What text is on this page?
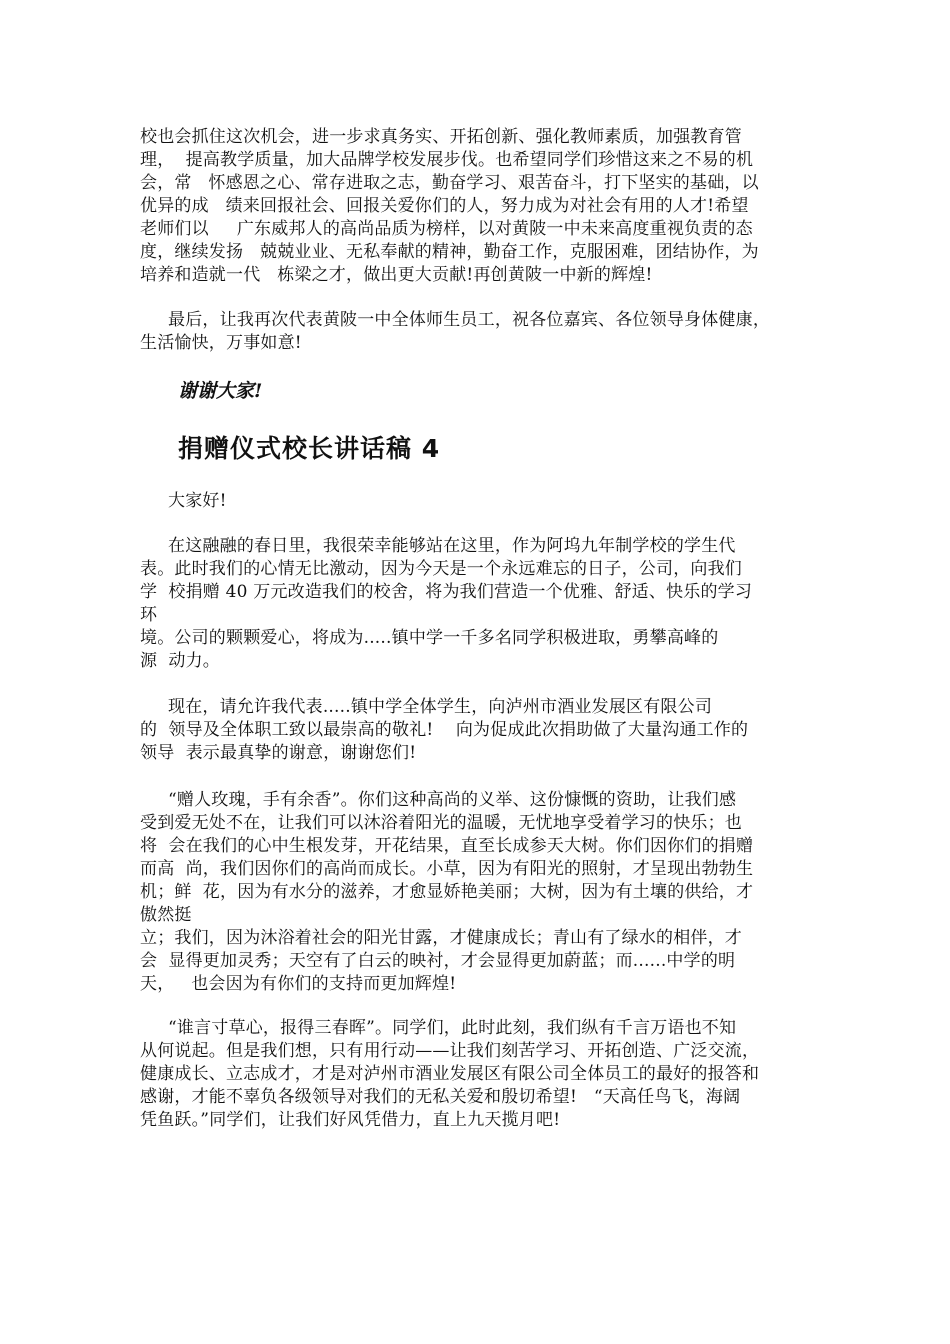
校也会抓住这次机会，进一步求真务实、开拓创新、强化教师素质，加强教育管
理，  提高教学质量，加大品牌学校发展步伐。也希望同学们珍惜这来之不易的机
会，常   怀感恩之心、常存进取之志，勤奋学习、艰苦奋斗，打下坚实的基础，以
优异的成   绩来回报社会、回报关爱你们的人，努力成为对社会有用的人才!希望
老师们以     广东威邦人的高尚品质为榜样，以对黄陂一中未来高度重视负责的态
度，继续发扬   兢兢业业、无私奉献的精神，勤奋工作，克服困难，团结协作，为
培养和造就一代   栋梁之才，做出更大贡献!再创黄陂一中新的辉煌!
最后，让我再次代表黄陂一中全体师生员工，祝各位嘉宾、各位领导身体健康，
生活愉快，万事如意!
谢谢大家!
捐赠仪式校长讲话稿 4
大家好!
在这融融的春日里，我很荣幸能够站在这里，作为阿坞九年制学校的学生代
表。此时我们的心情无比激动，因为今天是一个永远难忘的日子，公司，向我们
学  校捐赠 40 万元改造我们的校舍，将为我们营造一个优雅、舒适、快乐的学习
环
境。公司的颗颗爱心，将成为.....镇中学一千多名同学积极进取，勇攀高峰的
源  动力。
现在，请允许我代表.....镇中学全体学生，向泸州市酒业发展区有限公司
的  领导及全体职工致以最崇高的敬礼!    向为促成此次捐助做了大量沟通工作的
领导  表示最真挚的谢意，谢谢您们!
“赠人玫瑰，手有余香”。你们这种高尚的义举、这份慷慨的资助，让我们感
受到爱无处不在，让我们可以沐浴着阳光的温暖，无忧地享受着学习的快乐；也
将  会在我们的心中生根发芽，开花结果，直至长成参天大树。你们因你们的捐赠
而高  尚，我们因你们的高尚而成长。小草，因为有阳光的照射，才呈现出勃勃生
机；鲜  花，因为有水分的滋养，才愈显娇艳美丽；大树，因为有土壤的供给，才
傲然挺
立；我们，因为沐浴着社会的阳光甘露，才健康成长；青山有了绿水的相伴，才
会  显得更加灵秀；天空有了白云的映衬，才会显得更加蔚蓝；而......中学的明
天，   也会因为有你们的支持而更加辉煌!
“谁言寸草心，报得三春晖”。同学们，此时此刻，我们纵有千言万语也不知
从何说起。但是我们想，只有用行动——让我们刻苦学习、开拓创造、广泛交流，
健康成长、立志成才，才是对泸州市酒业发展区有限公司全体员工的最好的报答和
感谢，才能不辜负各级领导对我们的无私关爱和殷切希望!   “天高任鸟飞，海阔
凭鱼跃。”同学们，让我们好风凭借力，直上九天揽月吧!
